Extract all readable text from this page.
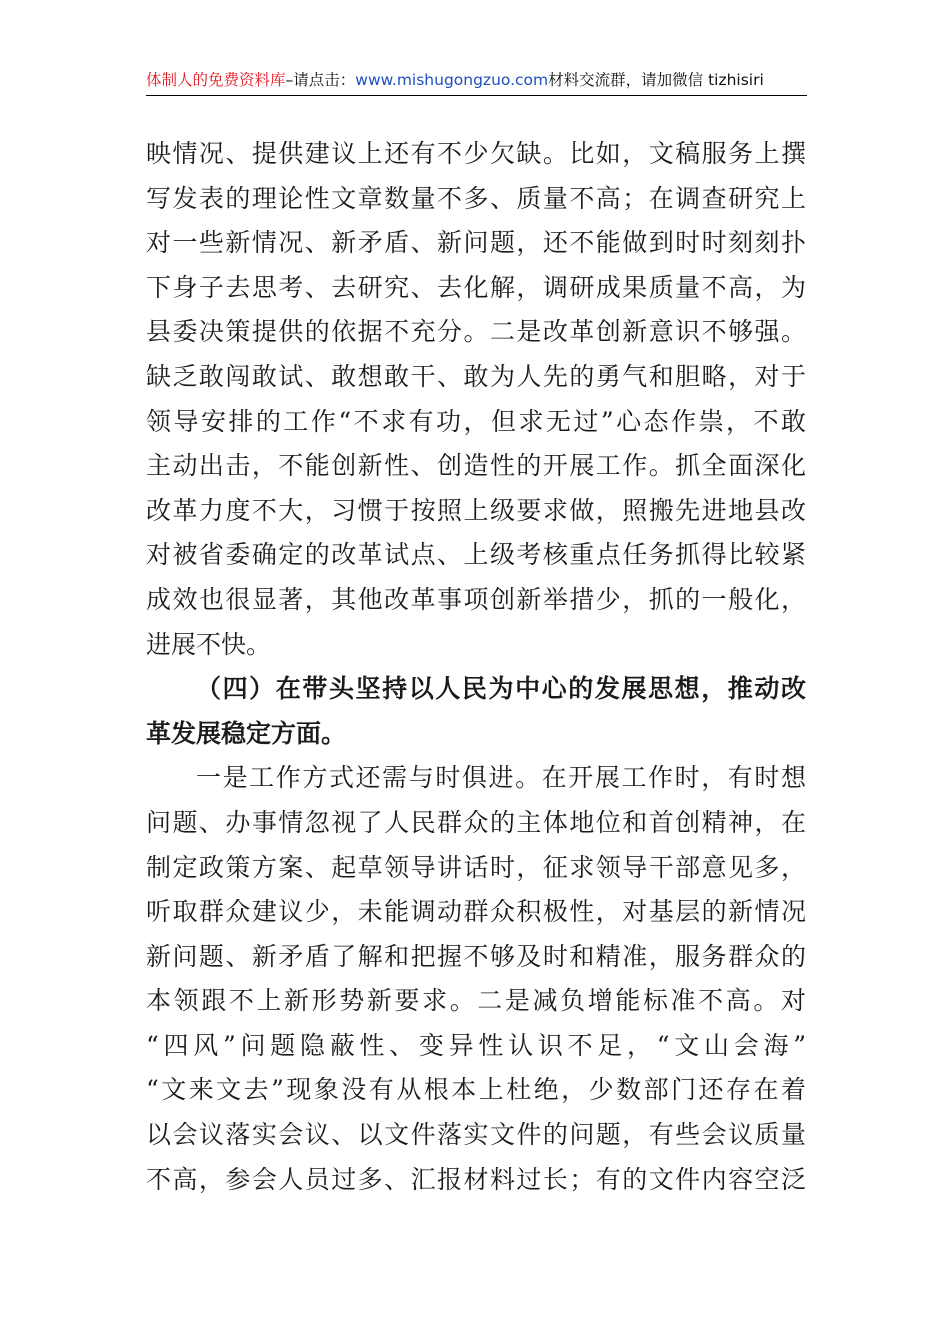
体制人的免费资料库–请点击：www.mishugongzuo.com材料交流群，请加微信 tizhisiri
映情况、提供建议上还有不少欠缺。比如，文稿服务上撰
写发表的理论性文章数量不多、质量不高；在调查研究上
对一些新情况、新矛盾、新问题，还不能做到时时刻刻扑
下身子去思考、去研究、去化解，调研成果质量不高，为
县委决策提供的依据不充分。二是改革创新意识不够强。
缺乏敢闯敢试、敢想敢干、敢为人先的勇气和胆略，对于
领导安排的工作“不求有功，但求无过”心态作祟，不敢
主动出击，不能创新性、创造性的开展工作。抓全面深化
改革力度不大，习惯于按照上级要求做，照搬先进地县改
对被省委确定的改革试点、上级考核重点任务抓得比较紧
成效也很显著，其他改革事项创新举措少，抓的一般化，
进展不快。
（四）在带头坚持以人民为中心的发展思想，推动改
革发展稳定方面。
一是工作方式还需与时俱进。在开展工作时，有时想
问题、办事情忽视了人民群众的主体地位和首创精神，在
制定政策方案、起草领导讲话时，征求领导干部意见多，
听取群众建议少，未能调动群众积极性，对基层的新情况
新问题、新矛盾了解和把握不够及时和精准，服务群众的
本领跟不上新形势新要求。二是减负增能标准不高。对
“四风”问题隐蔽性、变异性认识不足，“文山会海”
“文来文去”现象没有从根本上杜绝，少数部门还存在着
以会议落实会议、以文件落实文件的问题，有些会议质量
不高，参会人员过多、汇报材料过长；有的文件内容空泛
